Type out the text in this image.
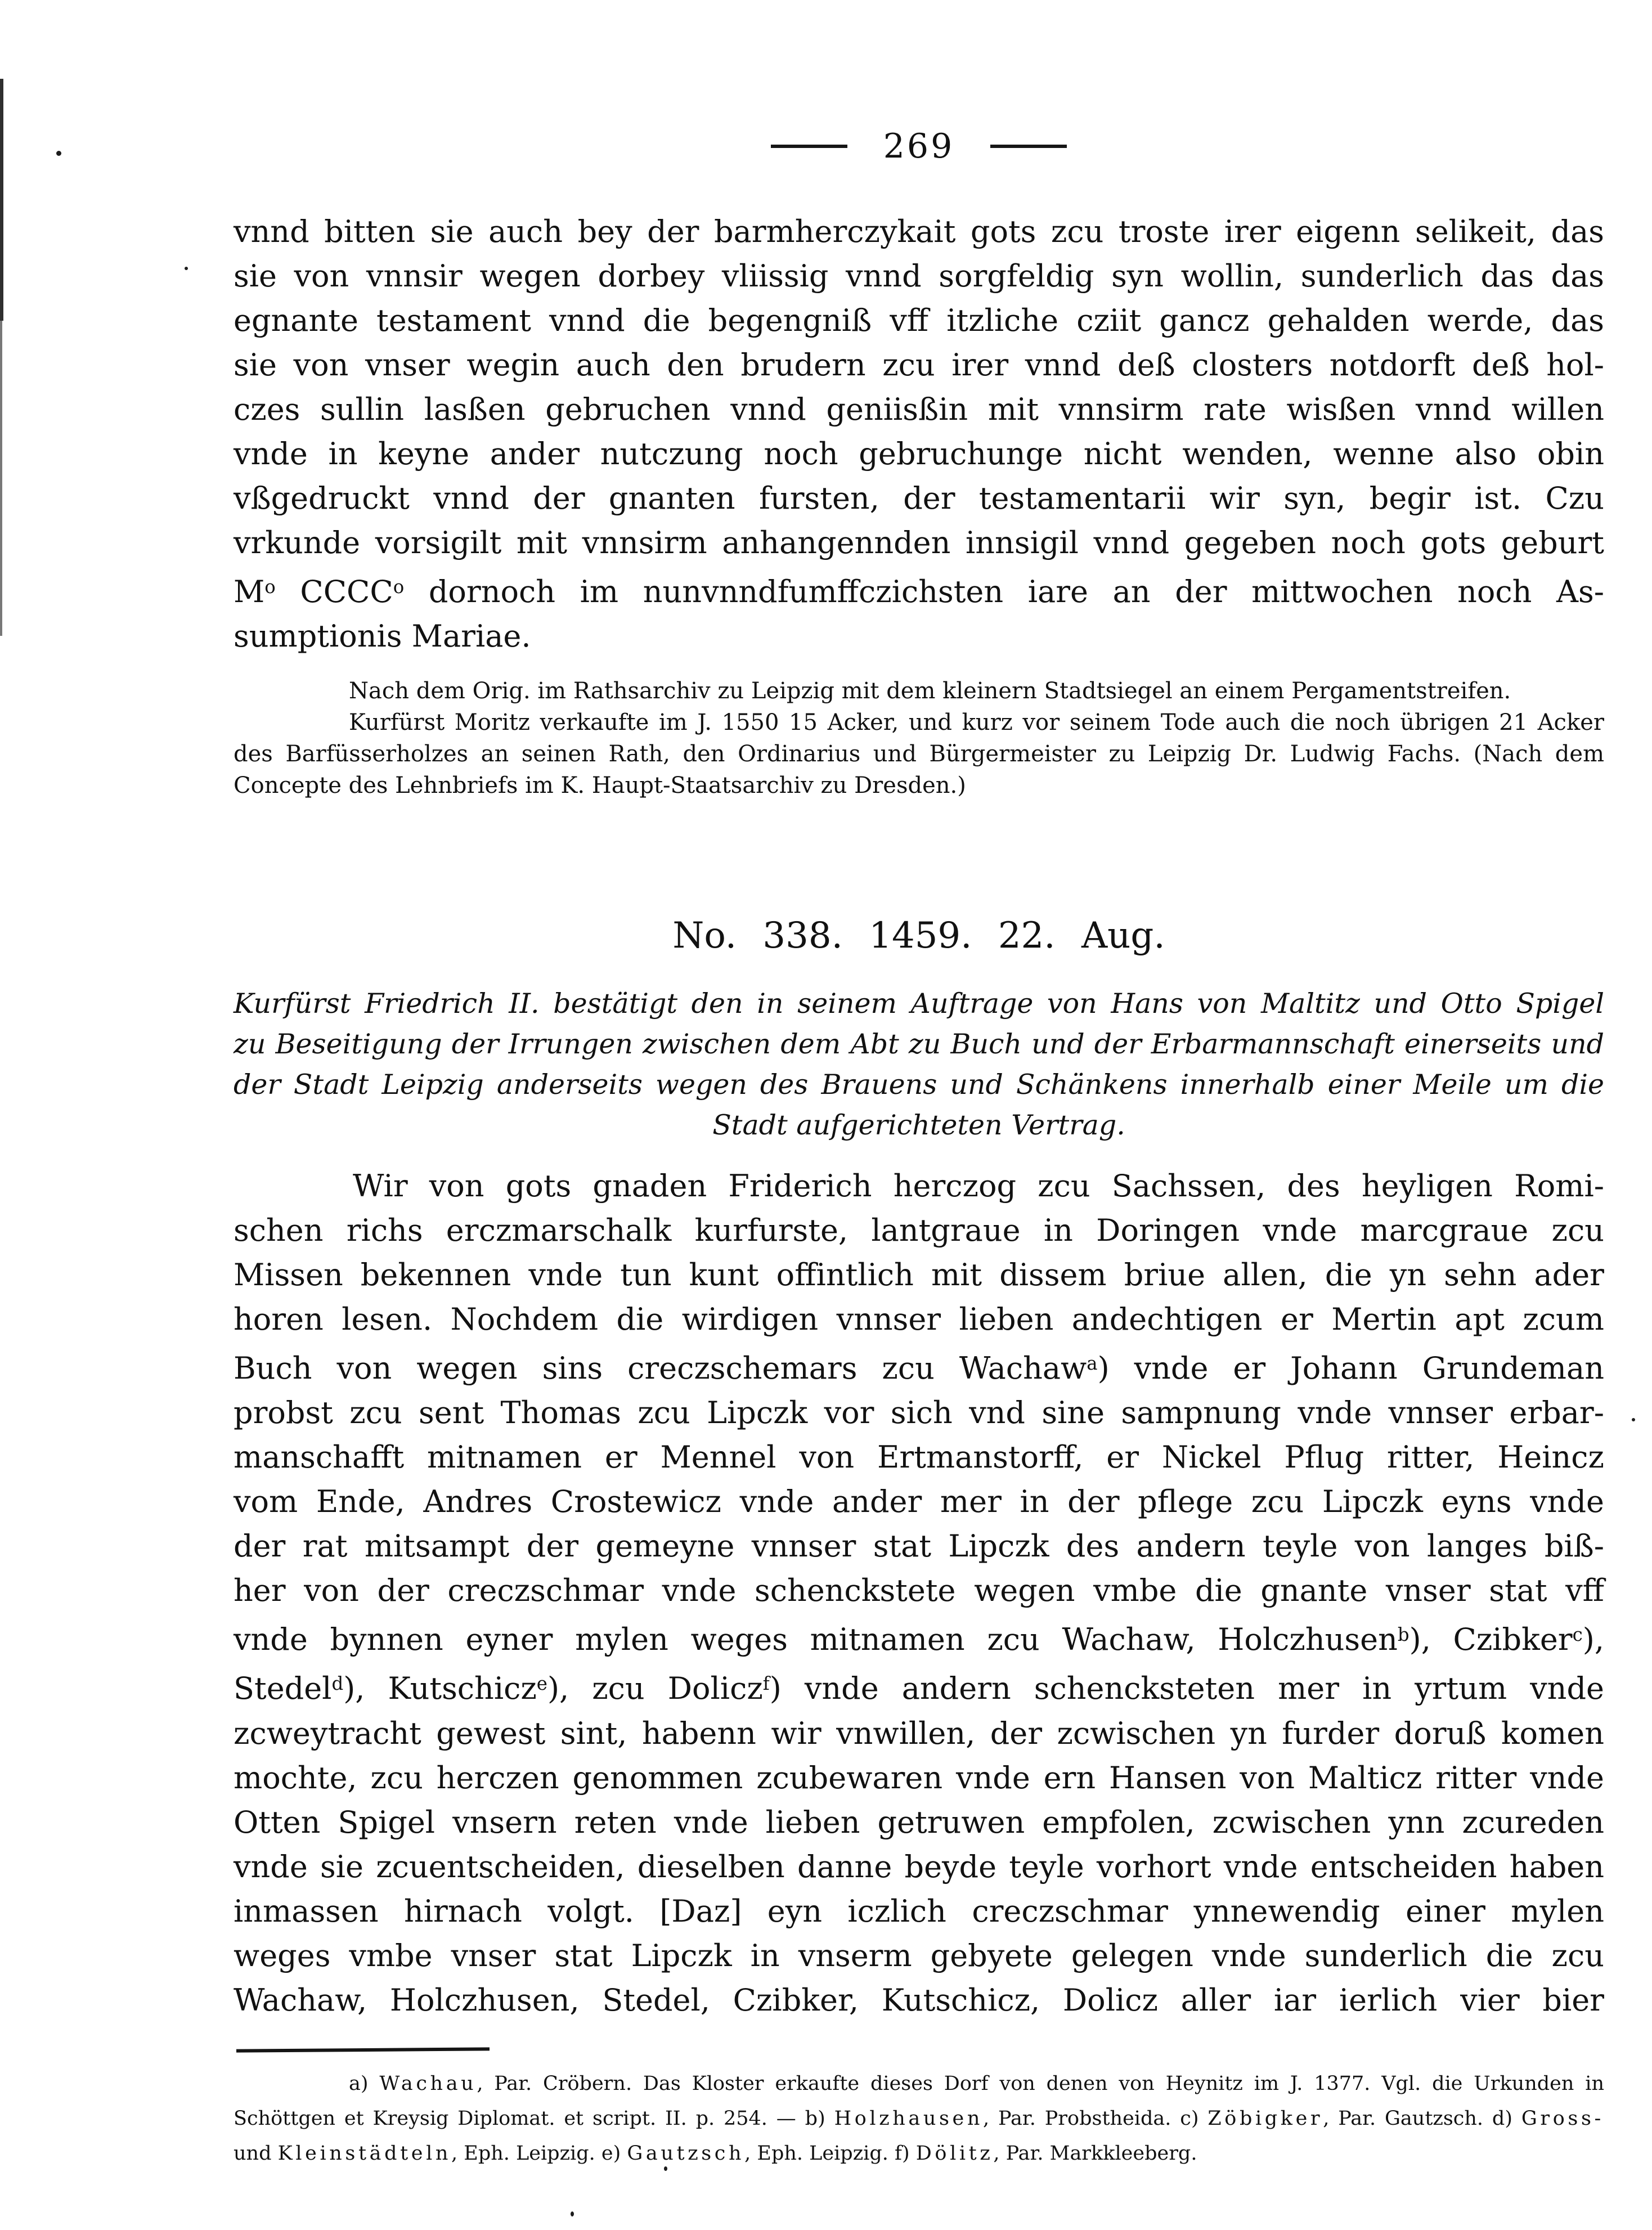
269
vnnd bitten sie auch bey der barmherczykait gots zcu troste irer eigenn selikeit, das
sie von vnnsir wegen dorbey vliissig vnnd sorgfeldig syn wollin, sunderlich das das
egnante testament vnnd die begengniß vff itzliche cziit gancz gehalden werde, das
sie von vnser wegin auch den brudern zcu irer vnnd deß closters notdorft deß hol-
czes sullin lasßen gebruchen vnnd geniisßin mit vnnsirm rate wisßen vnnd willen
vnde in keyne ander nutczung noch gebruchunge nicht wenden, wenne also obin
vßgedruckt vnnd der gnanten fursten, der testamentarii wir syn, begir ist. Czu
vrkunde vorsigilt mit vnnsirm anhangennden innsigil vnnd gegeben noch gots geburt
$M^o$ CCCC$^o$ dornoch im nunvnndfumffczichsten iare an der mittwochen noch As-
sumptionis Mariae.
Nach dem Orig. im Rathsarchiv zu Leipzig mit dem kleinern Stadtsiegel an einem Pergamentstreifen.
Kurfürst Moritz verkaufte im J. 1550 15 Acker, und kurz vor seinem Tode auch die noch übrigen 21 Acker
des Barfüsserholzes an seinen Rath, den Ordinarius und Bürgermeister zu Leipzig Dr. Ludwig Fachs. (Nach dem
Concepte des Lehnbriefs im K. Haupt-Staatsarchiv zu Dresden.)
No. 338. 1459. 22. Aug.
Kurfürst Friedrich II. bestätigt den in seinem Auftrage von Hans von Maltitz und Otto Spigel
zu Beseitigung der Irrungen zwischen dem Abt zu Buch und der Erbarmannschaft einerseits und
der Stadt Leipzig anderseits wegen des Brauens und Schänkens innerhalb einer Meile um die
Stadt aufgerichteten Vertrag.
Wir von gots gnaden Friderich herczog zcu Sachssen, des heyligen Romi-
schen richs erczmarschalk kurfurste, lantgraue in Doringen vnde marcgraue zcu
Missen bekennen vnde tun kunt offintlich mit dissem briue allen, die yn sehn ader
horen lesen. Nochdem die wirdigen vnnser lieben andechtigen er Mertin apt zcum
Buch von wegen sins creczschemars zcu Wachaw$^a$) vnde er Johann Grundeman
probst zcu sent Thomas zcu Lipczk vor sich vnd sine sampnung vnde vnnser erbar-
manschafft mitnamen er Mennel von Ertmanstorff, er Nickel Pflug ritter, Heincz
vom Ende, Andres Crostewicz vnde ander mer in der pflege zcu Lipczk eyns vnde
der rat mitsampt der gemeyne vnnser stat Lipczk des andern teyle von langes biß-
her von der creczschmar vnde schenckstete wegen vmbe die gnante vnser stat vff
vnde bynnen eyner mylen weges mitnamen zcu Wachaw, Holczhusen$^b$), Czibker$^c$),
Stedel$^d$), Kutschicz$^e$), zcu Dolicz$^f$) vnde andern schencksteten mer in yrtum vnde
zcweytracht gewest sint, habenn wir vnwillen, der zcwischen yn furder doruß komen
mochte, zcu herczen genommen zcubewaren vnde ern Hansen von Malticz ritter vnde
Otten Spigel vnsern reten vnde lieben getruwen empfolen, zcwischen ynn zcureden
vnde sie zcuentscheiden, dieselben danne beyde teyle vorhort vnde entscheiden haben
inmassen hirnach volgt. [Daz] eyn iczlich creczschmar ynnewendig einer mylen
weges vmbe vnser stat Lipczk in vnserm gebyete gelegen vnde sunderlich die zcu
Wachaw, Holczhusen, Stedel, Czibker, Kutschicz, Dolicz aller iar ierlich vier bier
a) Wachau, Par. Cröbern. Das Kloster erkaufte dieses Dorf von denen von Heynitz im J. 1377. Vgl. die Urkunden in
Schöttgen et Kreysig Diplomat. et script. II. p. 254. — b) Holzhausen, Par. Probstheida. c) Zöbigker, Par. Gautzsch. d) Gross-
und Kleinstädteln, Eph. Leipzig. e) Gautzsch, Eph. Leipzig. f) Dölitz, Par. Markkleeberg.
